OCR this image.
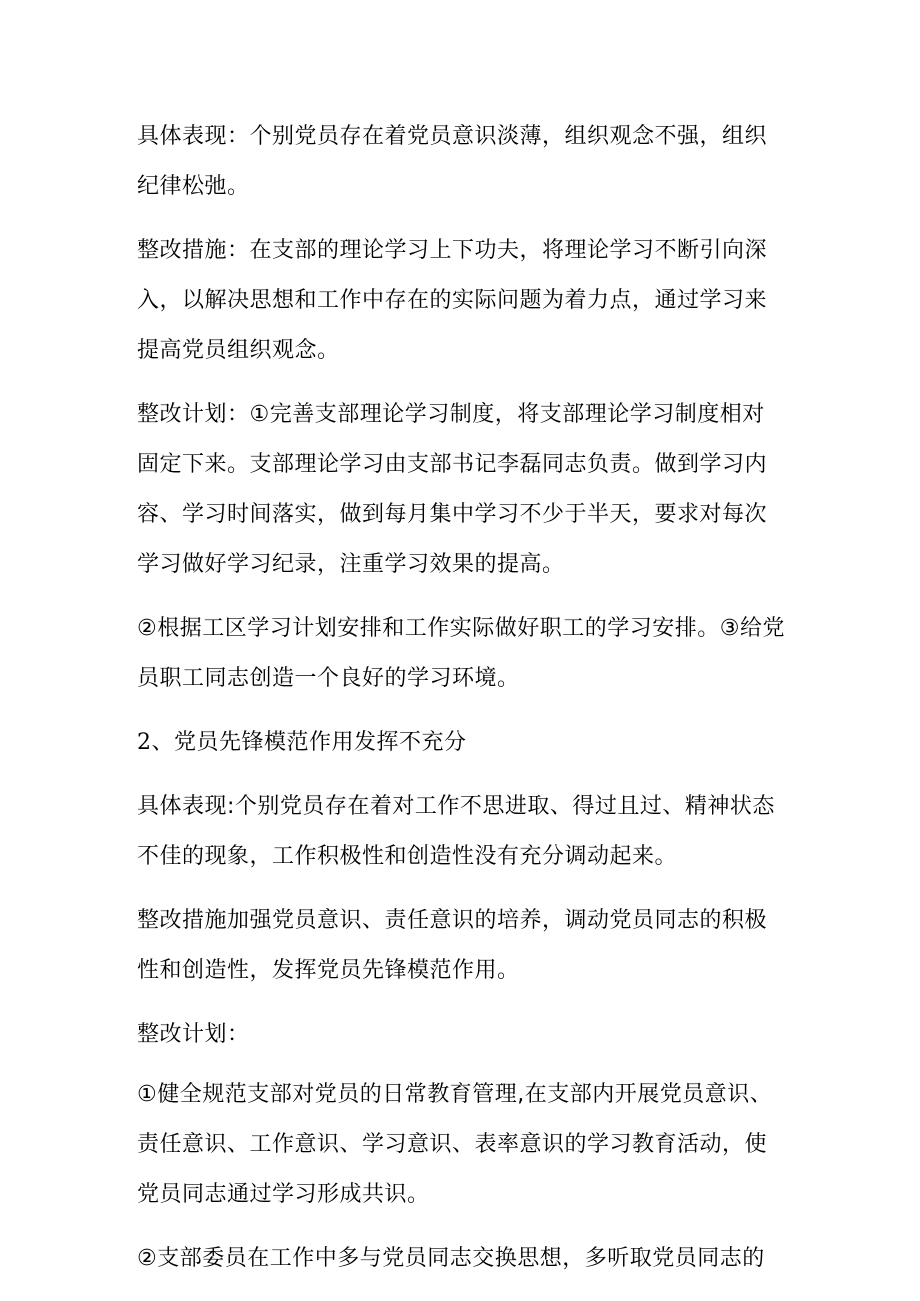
具体表现：个别党员存在着党员意识淡薄，组织观念不强，组织纪律松弛。

整改措施：在支部的理论学习上下功夫，将理论学习不断引向深入，以解决思想和工作中存在的实际问题为着力点，通过学习来提高党员组织观念。

整改计划：①完善支部理论学习制度，将支部理论学习制度相对固定下来。支部理论学习由支部书记李磊同志负责。做到学习内容、学习时间落实，做到每月集中学习不少于半天，要求对每次学习做好学习纪录，注重学习效果的提高。

②根据工区学习计划安排和工作实际做好职工的学习安排。③给党员职工同志创造一个良好的学习环境。

2、党员先锋模范作用发挥不充分

具体表现:个别党员存在着对工作不思进取、得过且过、精神状态不佳的现象，工作积极性和创造性没有充分调动起来。

整改措施加强党员意识、责任意识的培养，调动党员同志的积极性和创造性，发挥党员先锋模范作用。

整改计划：

①健全规范支部对党员的日常教育管理,在支部内开展党员意识、责任意识、工作意识、学习意识、表率意识的学习教育活动，使党员同志通过学习形成共识。

②支部委员在工作中多与党员同志交换思想，多听取党员同志的
